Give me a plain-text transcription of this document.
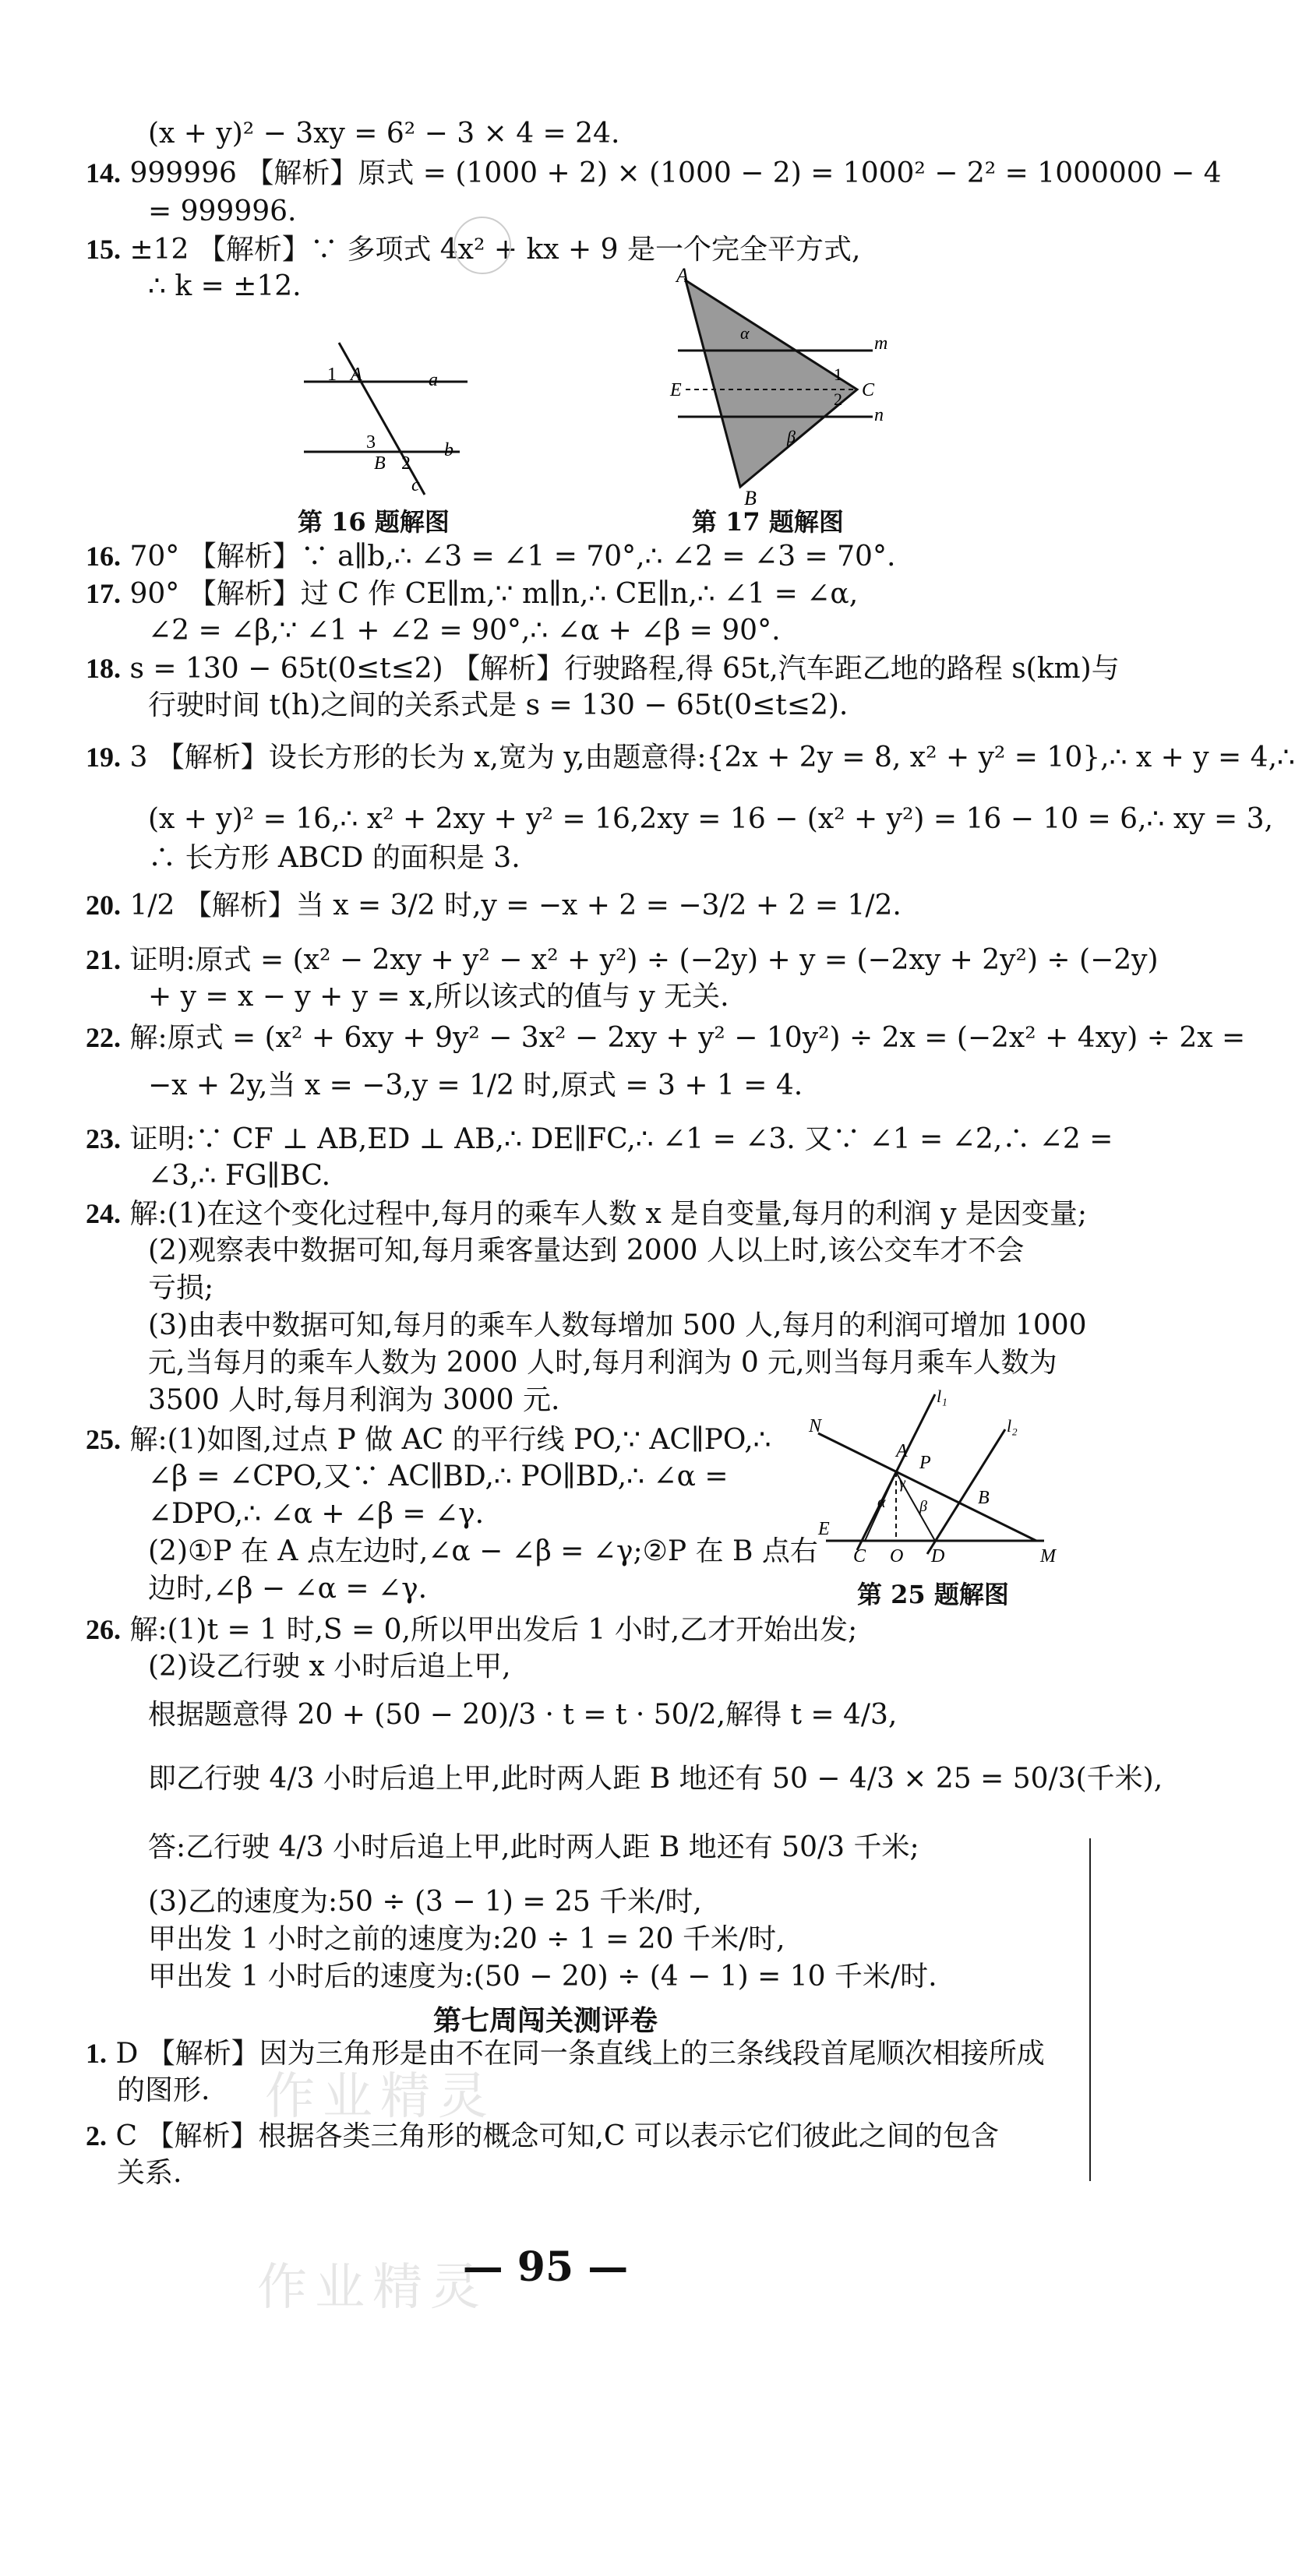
(x + y)² − 3xy = 6² − 3 × 4 = 24.
14. 999996 【解析】原式 = (1000 + 2) × (1000 − 2) = 1000² − 2² = 1000000 − 4
= 999996.
15. ±12 【解析】∵ 多项式 4x² + kx + 9 是一个完全平方式,
∴ k = ±12.
1 A	a
3
B 2
b
c
第 16 题解图
A
α
m
E
1
2 C
β
n
B
第 17 题解图
16. 70° 【解析】∵ a∥b,∴ ∠3 = ∠1 = 70°,∴ ∠2 = ∠3 = 70°.
17. 90° 【解析】过 C 作 CE∥m,∵ m∥n,∴ CE∥n,∴ ∠1 = ∠α,
∠2 = ∠β,∵ ∠1 + ∠2 = 90°,∴ ∠α + ∠β = 90°.
18. s = 130 − 65t(0≤t≤2) 【解析】行驶路程,得 65t,汽车距乙地的路程 s(km)与
行驶时间 t(h)之间的关系式是 s = 130 − 65t(0≤t≤2).
19. 3 【解析】设长方形的长为 x,宽为 y,由题意得:{2x + 2y = 8, x² + y² = 10},∴ x + y = 4,∴
(x + y)² = 16,∴ x² + 2xy + y² = 16,2xy = 16 − (x² + y²) = 16 − 10 = 6,∴ xy = 3,
∴ 长方形 ABCD 的面积是 3.
20. 1/2 【解析】当 x = 3/2 时,y = −x + 2 = −3/2 + 2 = 1/2.
21. 证明:原式 = (x² − 2xy + y² − x² + y²) ÷ (−2y) + y = (−2xy + 2y²) ÷ (−2y)
+ y = x − y + y = x,所以该式的值与 y 无关.
22. 解:原式 = (x² + 6xy + 9y² − 3x² − 2xy + y² − 10y²) ÷ 2x = (−2x² + 4xy) ÷ 2x =
−x + 2y,当 x = −3,y = 1/2 时,原式 = 3 + 1 = 4.
23. 证明:∵ CF ⊥ AB,ED ⊥ AB,∴ DE∥FC,∴ ∠1 = ∠3. 又∵ ∠1 = ∠2,∴ ∠2 =
∠3,∴ FG∥BC.
24. 解:(1)在这个变化过程中,每月的乘车人数 x 是自变量,每月的利润 y 是因变量;
(2)观察表中数据可知,每月乘客量达到 2000 人以上时,该公交车才不会
亏损;
(3)由表中数据可知,每月的乘车人数每增加 500 人,每月的利润可增加 1000
元,当每月的乘车人数为 2000 人时,每月利润为 0 元,则当每月乘车人数为
3500 人时,每月利润为 3000 元.
25. 解:(1)如图,过点 P 做 AC 的平行线 PO,∵ AC∥PO,∴
∠β = ∠CPO,又∵ AC∥BD,∴ PO∥BD,∴ ∠α =
∠DPO,∴ ∠α + ∠β = ∠γ.
(2)①P 在 A 点左边时,∠α − ∠β = ∠γ;②P 在 B 点右
边时,∠β − ∠α = ∠γ.
l₁
l₂
N
A
P
B
E
C O D	M
α β
γ
第 25 题解图
26. 解:(1)t = 1 时,S = 0,所以甲出发后 1 小时,乙才开始出发;
(2)设乙行驶 x 小时后追上甲,
根据题意得 20 + (50 − 20)/3 · t = t · 50/2,解得 t = 4/3,
即乙行驶 4/3 小时后追上甲,此时两人距 B 地还有 50 − 4/3 × 25 = 50/3(千米),
答:乙行驶 4/3 小时后追上甲,此时两人距 B 地还有 50/3 千米;
(3)乙的速度为:50 ÷ (3 − 1) = 25 千米/时,
甲出发 1 小时之前的速度为:20 ÷ 1 = 20 千米/时,
甲出发 1 小时后的速度为:(50 − 20) ÷ (4 − 1) = 10 千米/时.
第七周闯关测评卷
1. D 【解析】因为三角形是由不在同一条直线上的三条线段首尾顺次相接所成
的图形.
2. C 【解析】根据各类三角形的概念可知,C 可以表示它们彼此之间的包含
关系.
作业精灵
作业精灵
— 95 —
